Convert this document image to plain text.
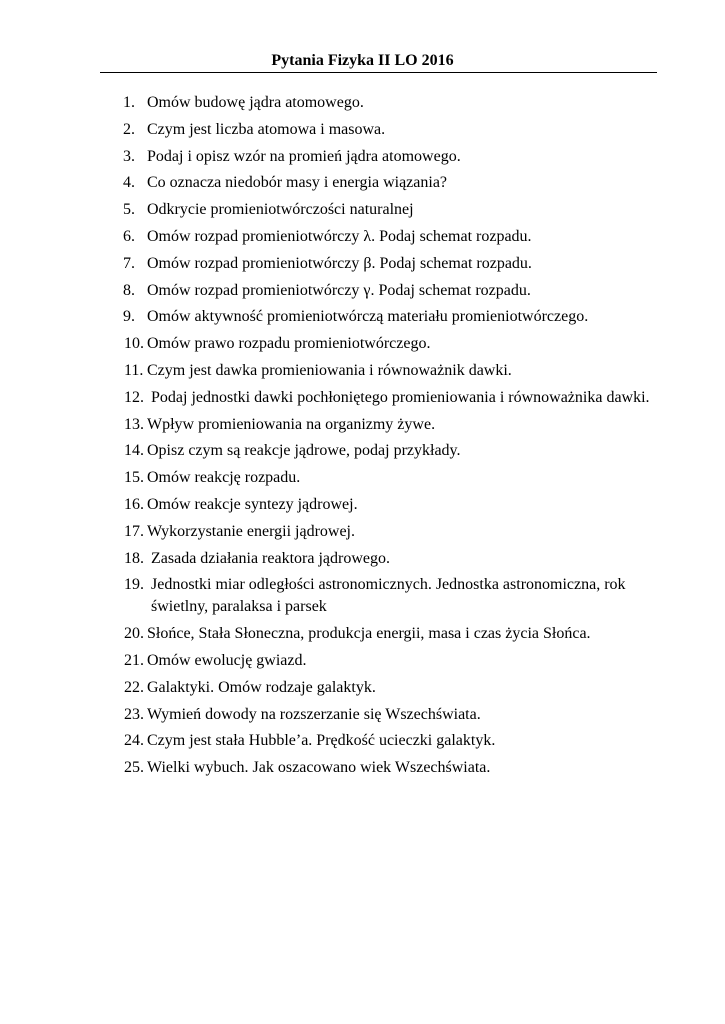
Pytania Fizyka II LO 2016
1. Omów budowę jądra atomowego.
2. Czym jest liczba atomowa i masowa.
3. Podaj i opisz wzór na promień jądra atomowego.
4. Co oznacza niedobór masy i energia wiązania?
5. Odkrycie promieniotwórczości naturalnej
6. Omów rozpad promieniotwórczy λ. Podaj schemat rozpadu.
7. Omów rozpad promieniotwórczy β. Podaj schemat rozpadu.
8. Omów rozpad promieniotwórczy γ. Podaj schemat rozpadu.
9. Omów aktywność promieniotwórczą materiału promieniotwórczego.
10. Omów prawo rozpadu promieniotwórczego.
11. Czym jest dawka promieniowania i równoważnik dawki.
12. Podaj jednostki dawki pochłoniętego promieniowania i równoważnika dawki.
13. Wpływ promieniowania na organizmy żywe.
14. Opisz czym są reakcje jądrowe, podaj przykłady.
15. Omów reakcję rozpadu.
16. Omów reakcje syntezy jądrowej.
17. Wykorzystanie energii jądrowej.
18. Zasada działania reaktora jądrowego.
19. Jednostki miar odległości astronomicznych. Jednostka astronomiczna, rok świetlny, paralaksa i parsek
20. Słońce, Stała Słoneczna, produkcja energii, masa i czas życia Słońca.
21. Omów ewolucję gwiazd.
22. Galaktyki. Omów rodzaje galaktyk.
23. Wymień dowody na rozszerzanie się Wszechświata.
24. Czym jest stała Hubble’a. Prędkość ucieczki galaktyk.
25. Wielki wybuch. Jak oszacowano wiek Wszechświata.
